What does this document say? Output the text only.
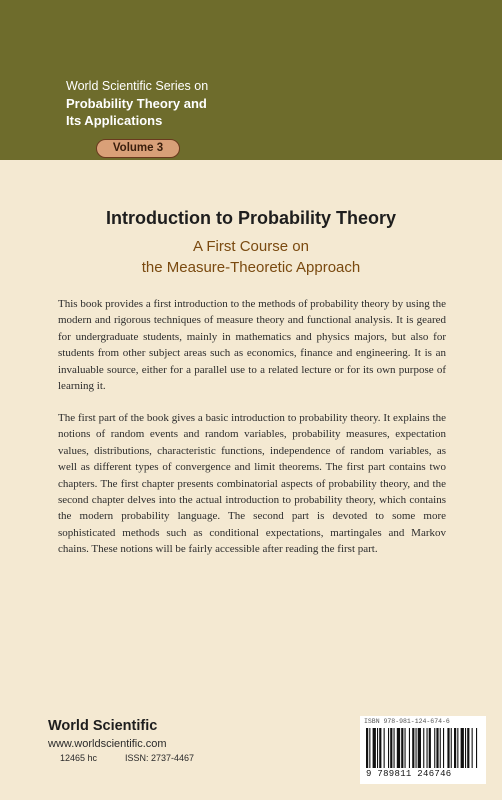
World Scientific Series on
Probability Theory and
Its Applications
Volume 3
Introduction to Probability Theory
A First Course on
the Measure-Theoretic Approach

This book provides a first introduction to the methods of probability theory by using the modern and rigorous techniques of measure theory and functional analysis. It is geared for undergraduate students, mainly in mathematics and physics majors, but also for students from other subject areas such as economics, finance and engineering. It is an invaluable source, either for a parallel use to a related lecture or for its own purpose of learning it.

The first part of the book gives a basic introduction to probability theory. It explains the notions of random events and random variables, probability measures, expectation values, distributions, characteristic functions, independence of random variables, as well as different types of convergence and limit theorems. The first part contains two chapters. The first chapter presents combinatorial aspects of probability theory, and the second chapter delves into the actual introduction to probability theory, which contains the modern probability language. The second part is devoted to some more sophisticated methods such as conditional expectations, martingales and Markov chains. These notions will be fairly accessible after reading the first part.

World Scientific
www.worldscientific.com
12465 hc	ISSN: 2737-4467
ISBN 978-981-124-674-6
9 789811 246746
